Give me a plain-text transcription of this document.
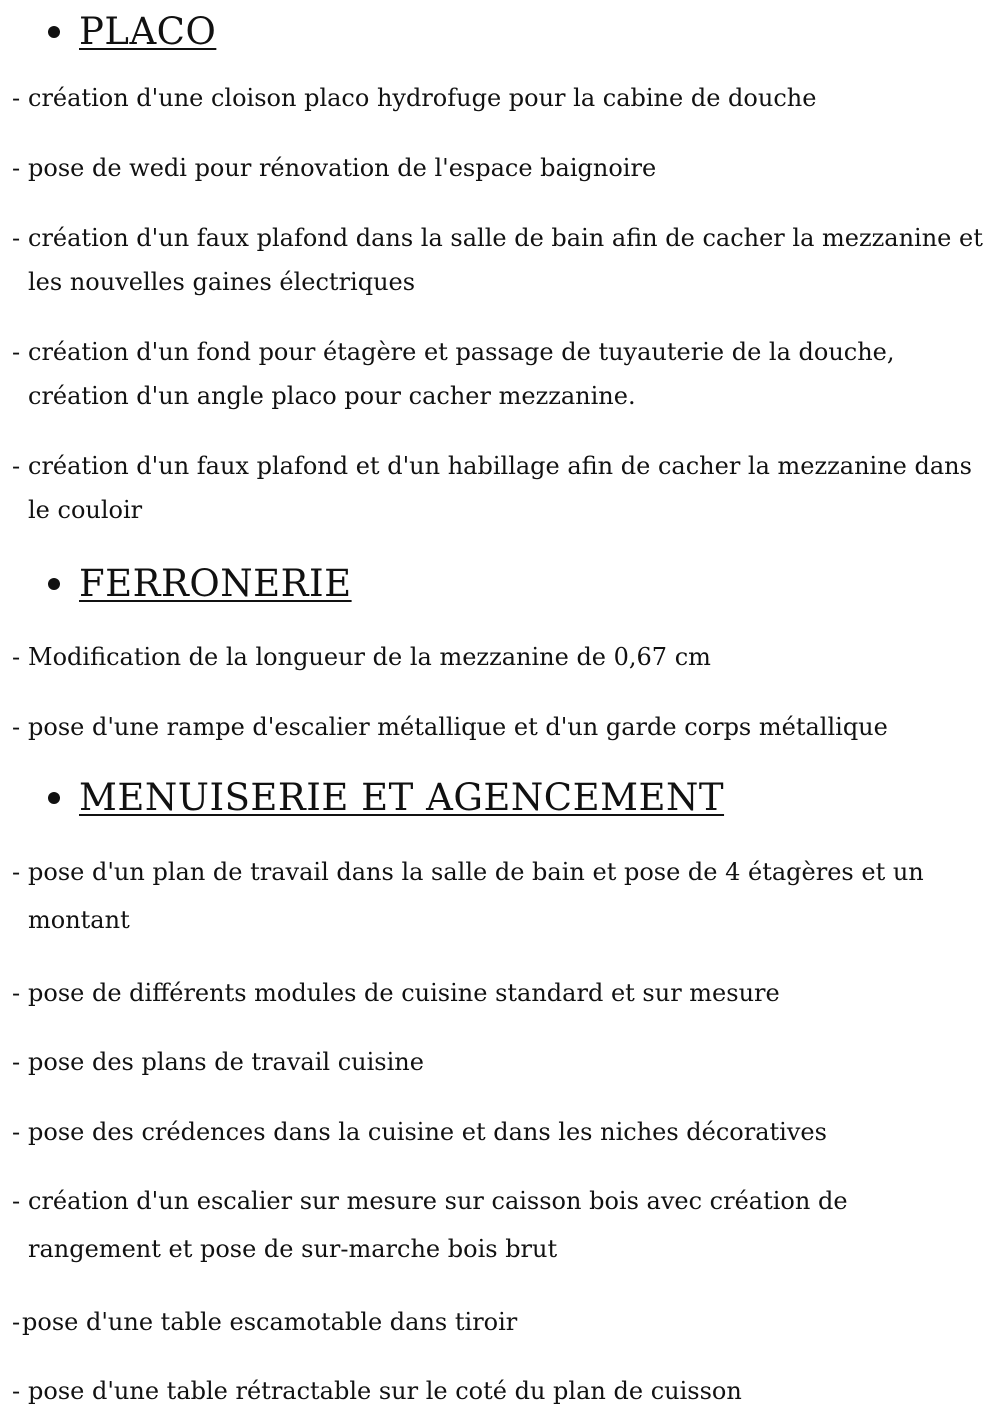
PLACO

- création d'une cloison placo hydrofuge pour la cabine de douche

- pose de wedi pour rénovation de l'espace baignoire

- création d'un faux plafond dans la salle de bain afin de cacher la mezzanine et
les nouvelles gaines électriques

- création d'un fond pour étagère et passage de tuyauterie de la douche,
création d'un angle placo pour cacher mezzanine.

- création d'un faux plafond et d'un habillage afin de cacher la mezzanine dans
le couloir

FERRONERIE

- Modification de la longueur de la mezzanine de 0,67 cm

- pose d'une rampe d'escalier métallique et d'un garde corps métallique

MENUISERIE ET AGENCEMENT

- pose d'un plan de travail dans la salle de bain et pose de 4 étagères et un
montant

- pose de différents modules de cuisine standard et sur mesure

- pose des plans de travail cuisine

- pose des crédences dans la cuisine et dans les niches décoratives

- création d'un escalier sur mesure sur caisson bois avec création de
rangement et pose de sur-marche bois brut

-pose d'une table escamotable dans tiroir

- pose d'une table rétractable sur le coté du plan de cuisson
